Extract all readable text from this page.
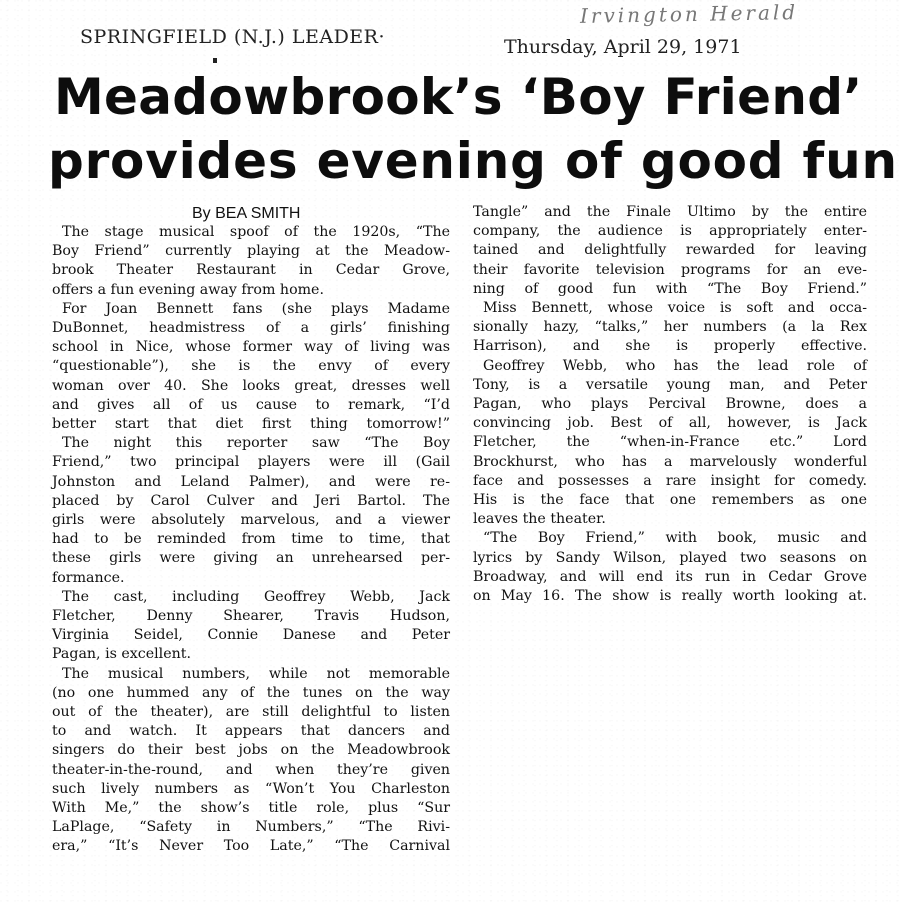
Irvington Herald
SPRINGFIELD (N.J.) LEADER·	Thursday, April 29, 1971
Meadowbrook’s ‘Boy Friend’
provides evening of good fun
By BEA SMITH
The stage musical spoof of the 1920s, “The
Boy Friend” currently playing at the Meadow-
brook Theater Restaurant in Cedar Grove,
offers a fun evening away from home.
For Joan Bennett fans (she plays Madame
DuBonnet, headmistress of a girls’ finishing
school in Nice, whose former way of living was
“questionable”), she is the envy of every
woman over 40. She looks great, dresses well
and gives all of us cause to remark, “I’d
better start that diet first thing tomorrow!”
The night this reporter saw “The Boy
Friend,” two principal players were ill (Gail
Johnston and Leland Palmer), and were re-
placed by Carol Culver and Jeri Bartol. The
girls were absolutely marvelous, and a viewer
had to be reminded from time to time, that
these girls were giving an unrehearsed per-
formance.
The cast, including Geoffrey Webb, Jack
Fletcher, Denny Shearer, Travis Hudson,
Virginia Seidel, Connie Danese and Peter
Pagan, is excellent.
The musical numbers, while not memorable
(no one hummed any of the tunes on the way
out of the theater), are still delightful to listen
to and watch. It appears that dancers and
singers do their best jobs on the Meadowbrook
theater-in-the-round, and when they’re given
such lively numbers as “Won’t You Charleston
With Me,” the show’s title role, plus “Sur
LaPlage, “Safety in Numbers,” “The Rivi-
era,” “It’s Never Too Late,” “The Carnival
Tangle” and the Finale Ultimo by the entire
company, the audience is appropriately enter-
tained and delightfully rewarded for leaving
their favorite television programs for an eve-
ning of good fun with “The Boy Friend.”
Miss Bennett, whose voice is soft and occa-
sionally hazy, “talks,” her numbers (a la Rex
Harrison), and she is properly effective.
Geoffrey Webb, who has the lead role of
Tony, is a versatile young man, and Peter
Pagan, who plays Percival Browne, does a
convincing job. Best of all, however, is Jack
Fletcher, the “when-in-France etc.” Lord
Brockhurst, who has a marvelously wonderful
face and possesses a rare insight for comedy.
His is the face that one remembers as one
leaves the theater.
“The Boy Friend,” with book, music and
lyrics by Sandy Wilson, played two seasons on
Broadway, and will end its run in Cedar Grove
on May 16. The show is really worth looking at.
